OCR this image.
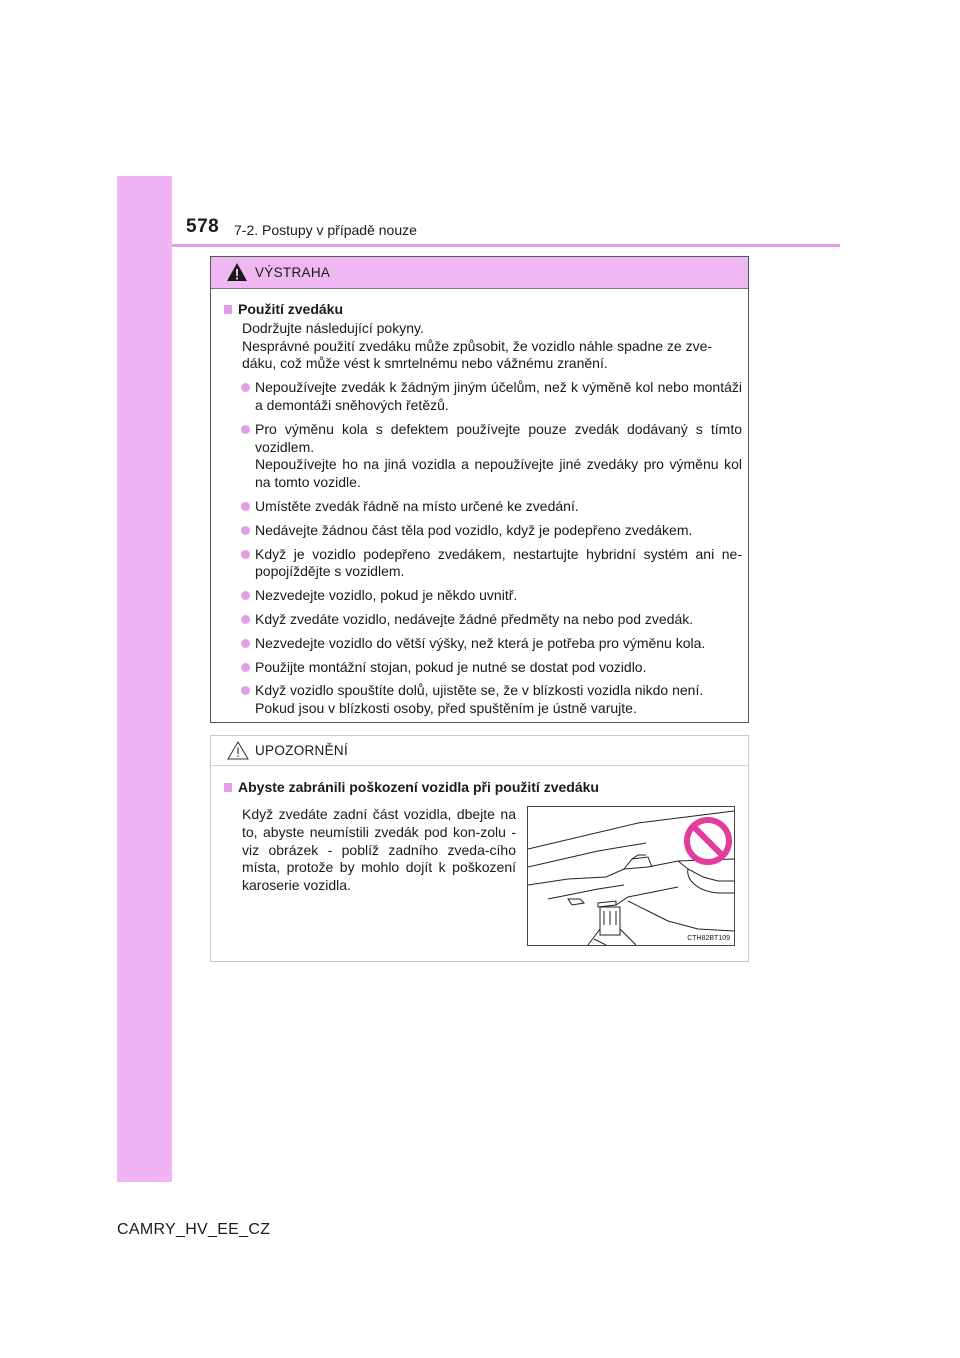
578 7-2. Postupy v případě nouze
VÝSTRAHA
Použití zvedáku
Dodržujte následující pokyny.
Nesprávné použití zvedáku může způsobit, že vozidlo náhle spadne ze zve-dáku, což může vést k smrtelnému nebo vážnému zranění.
Nepoužívejte zvedák k žádným jiným účelům, než k výměně kol nebo montáži a demontáži sněhových řetězů.
Pro výměnu kola s defektem používejte pouze zvedák dodávaný s tímto vozidlem.
Nepoužívejte ho na jiná vozidla a nepoužívejte jiné zvedáky pro výměnu kol na tomto vozidle.
Umístěte zvedák řádně na místo určené ke zvedání.
Nedávejte žádnou část těla pod vozidlo, když je podepřeno zvedákem.
Když je vozidlo podepřeno zvedákem, nestartujte hybridní systém ani ne-popojíždějte s vozidlem.
Nezvedejte vozidlo, pokud je někdo uvnitř.
Když zvedáte vozidlo, nedávejte žádné předměty na nebo pod zvedák.
Nezvedejte vozidlo do větší výšky, než která je potřeba pro výměnu kola.
Použijte montážní stojan, pokud je nutné se dostat pod vozidlo.
Když vozidlo spouštíte dolů, ujistěte se, že v blízkosti vozidla nikdo není.
Pokud jsou v blízkosti osoby, před spuštěním je ústně varujte.
UPOZORNĚNÍ
Abyste zabránili poškození vozidla při použití zvedáku
Když zvedáte zadní část vozidla, dbejte na to, abyste neumístili zvedák pod kon-zolu - viz obrázek - poblíž zadního zveda-cího místa, protože by mohlo dojít k poškození karoserie vozidla.
CTH82BT109
CAMRY_HV_EE_CZ
